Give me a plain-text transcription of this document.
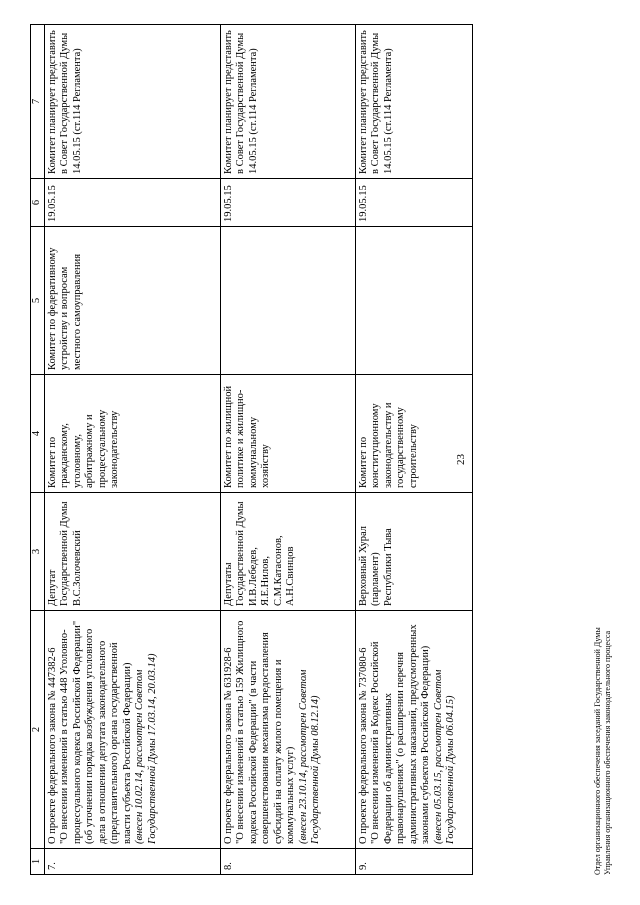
23
1	2	3	4	5	6	7
7.	О проекте федерального закона № 447382-6 "О внесении изменений в статью 448 Уголовно-процессуального кодекса Российской Федерации" (об уточнении порядка возбуждения уголовного дела в отношении депутата законодательного (представительного) органа государственной власти субъекта Российской Федерации) (внесен 10.02.14, рассмотрен Советом Государственной Думы 17.03.14, 20.03.14)	Депутат Государственной Думы В.С.Золочевский	Комитет по гражданскому, уголовному, арбитражному и процессуальному законодательству	Комитет по федеративному устройству и вопросам местного самоуправления	19.05.15	Комитет планирует представить в Совет Государственной Думы 14.05.15 (ст.114 Регламента)
8.	О проекте федерального закона № 631928-6 "О внесении изменений в статью 159 Жилищного кодекса Российской Федерации" (в части совершенствования механизма предоставления субсидий на оплату жилого помещения и коммунальных услуг) (внесен 23.10.14, рассмотрен Советом Государственной Думы 08.12.14)	Депутаты Государственной Думы И.В.Лебедев, Я.Е.Нилов, С.М.Катасонов, А.Н.Свинцов	Комитет по жилищной политике и жилищно-коммунальному хозяйству		19.05.15	Комитет планирует представить в Совет Государственной Думы 14.05.15 (ст.114 Регламента)
9.	О проекте федерального закона № 737080-6 "О внесении изменений в Кодекс Российской Федерации об административных правонарушениях" (о расширении перечня административных наказаний, предусмотренных законами субъектов Российской Федерации) (внесен 05.03.15, рассмотрен Советом Государственной Думы 06.04.15)	Верховный Хурал (парламент) Республики Тыва	Комитет по конституционному законодательству и государственному строительству		19.05.15	Комитет планирует представить в Совет Государственной Думы 14.05.15 (ст.114 Регламента)
Отдел организационного обеспечения заседаний Государственной Думы Управления организационного обеспечения законодательного процесса
